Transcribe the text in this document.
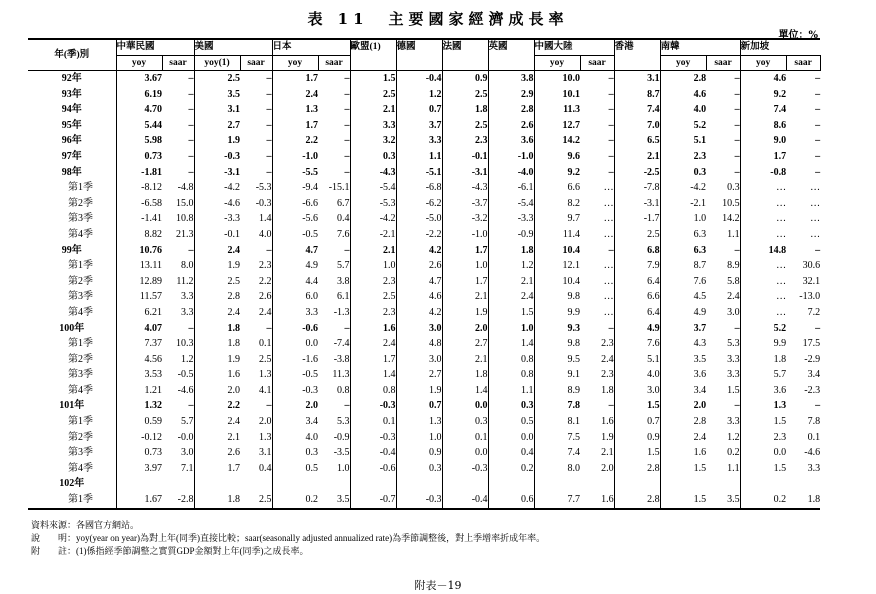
表 11　主要國家經濟成長率
單位：%
年(季)別	中華民國		美國		日本		歐盟(1)	德國	法國	英國	中國大陸		香港	南韓		新加坡	
	yoy	saar	yoy(1)	saar	yoy	saar					yoy	saar		yoy	saar	yoy	saar
92年	3.67	–	2.5	–	1.7	–	1.5	-0.4	0.9	3.8	10.0	–	3.1	2.8	–	4.6	–
93年	6.19	–	3.5	–	2.4	–	2.5	1.2	2.5	2.9	10.1	–	8.7	4.6	–	9.2	–
94年	4.70	–	3.1	–	1.3	–	2.1	0.7	1.8	2.8	11.3	–	7.4	4.0	–	7.4	–
95年	5.44	–	2.7	–	1.7	–	3.3	3.7	2.5	2.6	12.7	–	7.0	5.2	–	8.6	–
96年	5.98	–	1.9	–	2.2	–	3.2	3.3	2.3	3.6	14.2	–	6.5	5.1	–	9.0	–
97年	0.73	–	-0.3	–	-1.0	–	0.3	1.1	-0.1	-1.0	9.6	–	2.1	2.3	–	1.7	–
98年	-1.81	–	-3.1	–	-5.5	–	-4.3	-5.1	-3.1	-4.0	9.2	–	-2.5	0.3	–	-0.8	–
第1季	-8.12	-4.8	-4.2	-5.3	-9.4	-15.1	-5.4	-6.8	-4.3	-6.1	6.6	…	-7.8	-4.2	0.3	…	…
第2季	-6.58	15.0	-4.6	-0.3	-6.6	6.7	-5.3	-6.2	-3.7	-5.4	8.2	…	-3.1	-2.1	10.5	…	…
第3季	-1.41	10.8	-3.3	1.4	-5.6	0.4	-4.2	-5.0	-3.2	-3.3	9.7	…	-1.7	1.0	14.2	…	…
第4季	8.82	21.3	-0.1	4.0	-0.5	7.6	-2.1	-2.2	-1.0	-0.9	11.4	…	2.5	6.3	1.1	…	…
99年	10.76	–	2.4	–	4.7	–	2.1	4.2	1.7	1.8	10.4	–	6.8	6.3	–	14.8	–
第1季	13.11	8.0	1.9	2.3	4.9	5.7	1.0	2.6	1.0	1.2	12.1	…	7.9	8.7	8.9	…	30.6
第2季	12.89	11.2	2.5	2.2	4.4	3.8	2.3	4.7	1.7	2.1	10.4	…	6.4	7.6	5.8	…	32.1
第3季	11.57	3.3	2.8	2.6	6.0	6.1	2.5	4.6	2.1	2.4	9.8	…	6.6	4.5	2.4	…	-13.0
第4季	6.21	3.3	2.4	2.4	3.3	-1.3	2.3	4.2	1.9	1.5	9.9	…	6.4	4.9	3.0	…	7.2
100年	4.07	–	1.8	–	-0.6	–	1.6	3.0	2.0	1.0	9.3	–	4.9	3.7	–	5.2	–
第1季	7.37	10.3	1.8	0.1	0.0	-7.4	2.4	4.8	2.7	1.4	9.8	2.3	7.6	4.3	5.3	9.9	17.5
第2季	4.56	1.2	1.9	2.5	-1.6	-3.8	1.7	3.0	2.1	0.8	9.5	2.4	5.1	3.5	3.3	1.8	-2.9
第3季	3.53	-0.5	1.6	1.3	-0.5	11.3	1.4	2.7	1.8	0.8	9.1	2.3	4.0	3.6	3.3	5.7	3.4
第4季	1.21	-4.6	2.0	4.1	-0.3	0.8	0.8	1.9	1.4	1.1	8.9	1.8	3.0	3.4	1.5	3.6	-2.3
101年	1.32	–	2.2	–	2.0	–	-0.3	0.7	0.0	0.3	7.8	–	1.5	2.0	–	1.3	–
第1季	0.59	5.7	2.4	2.0	3.4	5.3	0.1	1.3	0.3	0.5	8.1	1.6	0.7	2.8	3.3	1.5	7.8
第2季	-0.12	-0.0	2.1	1.3	4.0	-0.9	-0.3	1.0	0.1	0.0	7.5	1.9	0.9	2.4	1.2	2.3	0.1
第3季	0.73	3.0	2.6	3.1	0.3	-3.5	-0.4	0.9	0.0	0.4	7.4	2.1	1.5	1.6	0.2	0.0	-4.6
第4季	3.97	7.1	1.7	0.4	0.5	1.0	-0.6	0.3	-0.3	0.2	8.0	2.0	2.8	1.5	1.1	1.5	3.3
102年																	
第1季	1.67	-2.8	1.8	2.5	0.2	3.5	-0.7	-0.3	-0.4	0.6	7.7	1.6	2.8	1.5	3.5	0.2	1.8
資料來源：各國官方網站。
說　　明：yoy(year on year)為對上年(同季)直接比較；saar(seasonally adjusted annualized rate)為季節調整後，對上季增率折成年率。
附　　註：(1)係指經季節調整之實質GDP金額對上年(同季)之成長率。
附表－19
